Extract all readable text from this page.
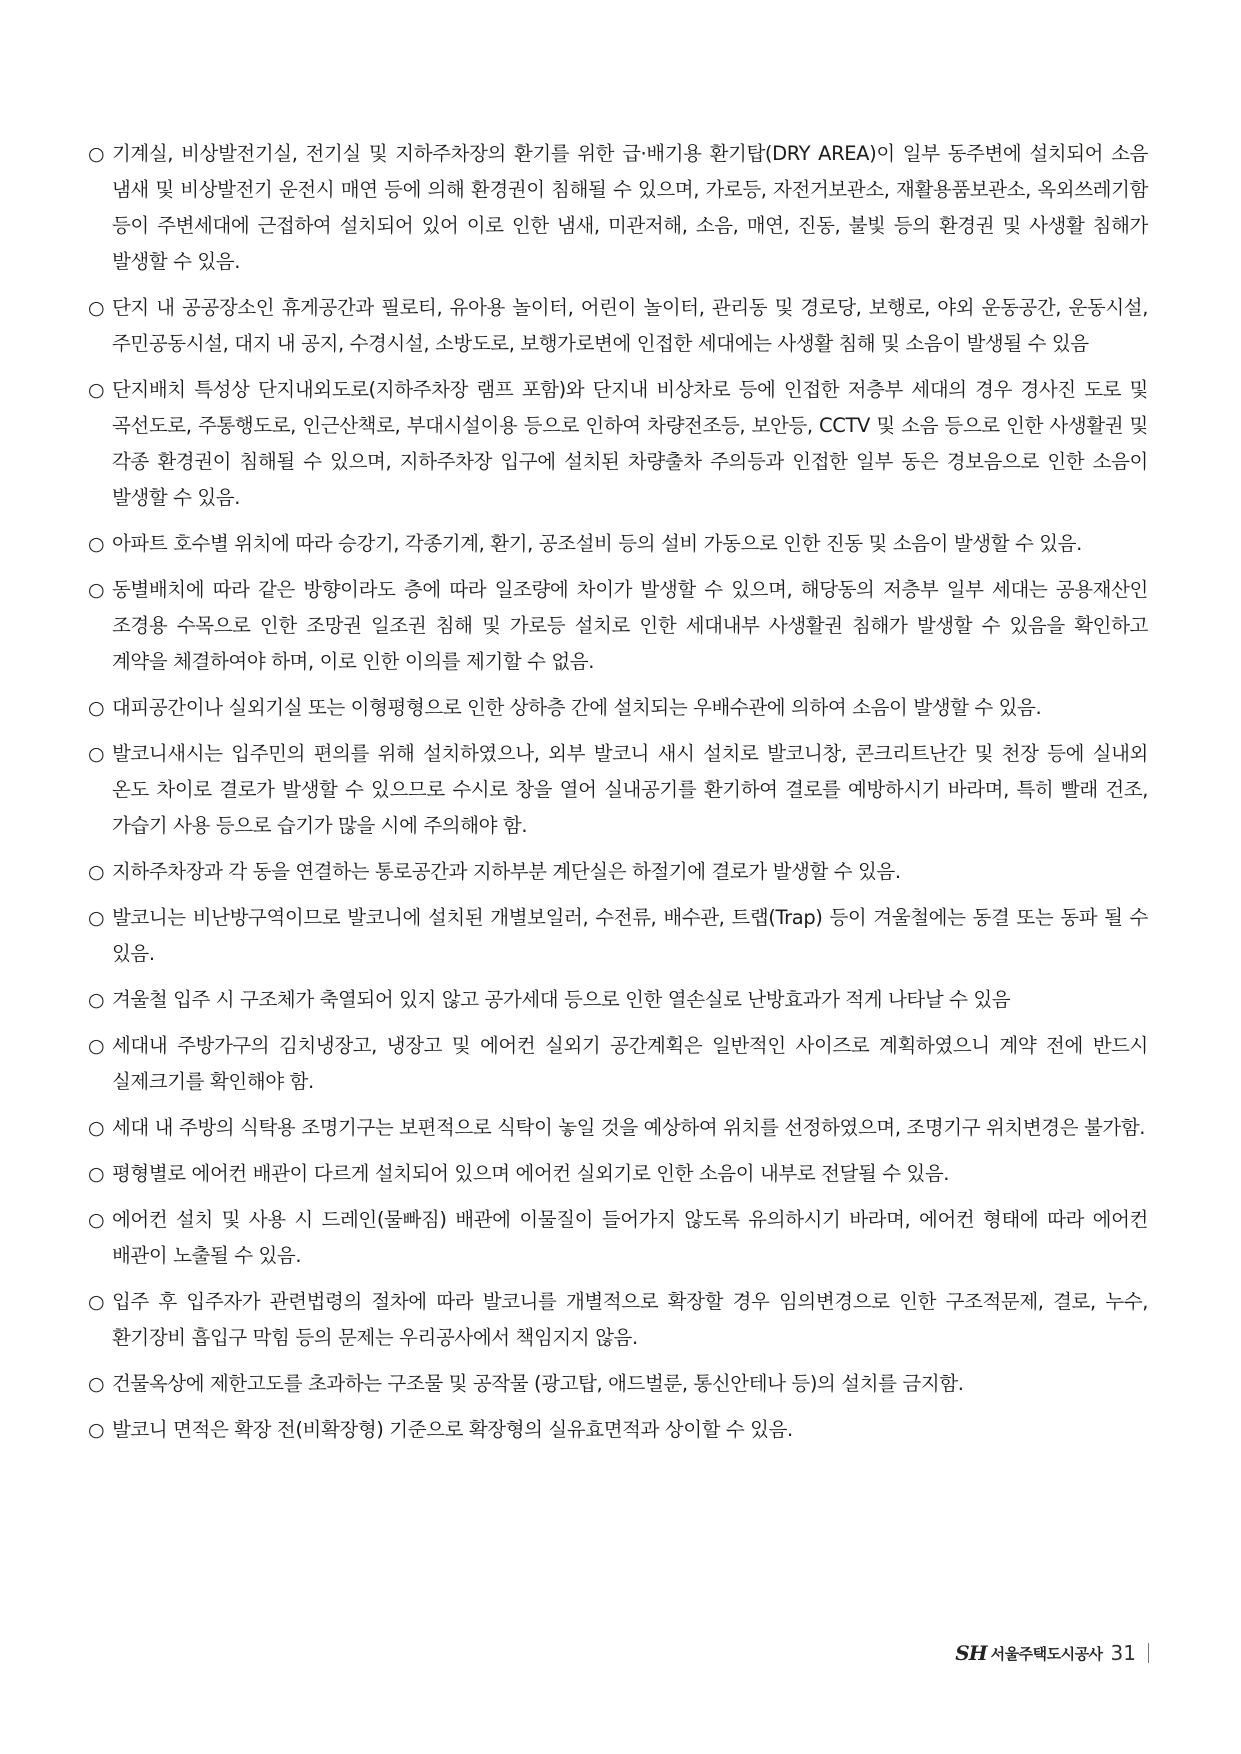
○ 기계실, 비상발전기실, 전기실 및 지하주차장의 환기를 위한 급·배기용 환기탑(DRY AREA)이 일부 동주변에 설치되어 소음 냄새 및 비상발전기 운전시 매연 등에 의해 환경권이 침해될 수 있으며, 가로등, 자전거보관소, 재활용품보관소, 옥외쓰레기함 등이 주변세대에 근접하여 설치되어 있어 이로 인한 냄새, 미관저해, 소음, 매연, 진동, 불빛 등의 환경권 및 사생활 침해가 발생할 수 있음.

○ 단지 내 공공장소인 휴게공간과 필로티, 유아용 놀이터, 어린이 놀이터, 관리동 및 경로당, 보행로, 야외 운동공간, 운동시설, 주민공동시설, 대지 내 공지, 수경시설, 소방도로, 보행가로변에 인접한 세대에는 사생활 침해 및 소음이 발생될 수 있음

○ 단지배치 특성상 단지내외도로(지하주차장 램프 포함)와 단지내 비상차로 등에 인접한 저층부 세대의 경우 경사진 도로 및 곡선도로, 주통행도로, 인근산책로, 부대시설이용 등으로 인하여 차량전조등, 보안등, CCTV 및 소음 등으로 인한 사생활권 및 각종 환경권이 침해될 수 있으며, 지하주차장 입구에 설치된 차량출차 주의등과 인접한 일부 동은 경보음으로 인한 소음이 발생할 수 있음.

○ 아파트 호수별 위치에 따라 승강기, 각종기계, 환기, 공조설비 등의 설비 가동으로 인한 진동 및 소음이 발생할 수 있음.

○ 동별배치에 따라 같은 방향이라도 층에 따라 일조량에 차이가 발생할 수 있으며, 해당동의 저층부 일부 세대는 공용재산인 조경용 수목으로 인한 조망권 일조권 침해 및 가로등 설치로 인한 세대내부 사생활권 침해가 발생할 수 있음을 확인하고 계약을 체결하여야 하며, 이로 인한 이의를 제기할 수 없음.

○ 대피공간이나 실외기실 또는 이형평형으로 인한 상하층 간에 설치되는 우배수관에 의하여 소음이 발생할 수 있음.

○ 발코니새시는 입주민의 편의를 위해 설치하였으나, 외부 발코니 새시 설치로 발코니창, 콘크리트난간 및 천장 등에 실내외 온도 차이로 결로가 발생할 수 있으므로 수시로 창을 열어 실내공기를 환기하여 결로를 예방하시기 바라며, 특히 빨래 건조, 가습기 사용 등으로 습기가 많을 시에 주의해야 함.

○ 지하주차장과 각 동을 연결하는 통로공간과 지하부분 계단실은 하절기에 결로가 발생할 수 있음.

○ 발코니는 비난방구역이므로 발코니에 설치된 개별보일러, 수전류, 배수관, 트랩(Trap) 등이 겨울철에는 동결 또는 동파 될 수 있음.

○ 겨울철 입주 시 구조체가 축열되어 있지 않고 공가세대 등으로 인한 열손실로 난방효과가 적게 나타날 수 있음

○ 세대내 주방가구의 김치냉장고, 냉장고 및 에어컨 실외기 공간계획은 일반적인 사이즈로 계획하였으니 계약 전에 반드시 실제크기를 확인해야 함.

○ 세대 내 주방의 식탁용 조명기구는 보편적으로 식탁이 놓일 것을 예상하여 위치를 선정하였으며, 조명기구 위치변경은 불가함.

○ 평형별로 에어컨 배관이 다르게 설치되어 있으며 에어컨 실외기로 인한 소음이 내부로 전달될 수 있음.

○ 에어컨 설치 및 사용 시 드레인(물빠짐) 배관에 이물질이 들어가지 않도록 유의하시기 바라며, 에어컨 형태에 따라 에어컨 배관이 노출될 수 있음.

○ 입주 후 입주자가 관련법령의 절차에 따라 발코니를 개별적으로 확장할 경우 임의변경으로 인한 구조적문제, 결로, 누수, 환기장비 흡입구 막힘 등의 문제는 우리공사에서 책임지지 않음.

○ 건물옥상에 제한고도를 초과하는 구조물 및 공작물 (광고탑, 애드벌룬, 통신안테나 등)의 설치를 금지함.

○ 발코니 면적은 확장 전(비확장형) 기준으로 확장형의 실유효면적과 상이할 수 있음.

SH 서울주택도시공사 31
